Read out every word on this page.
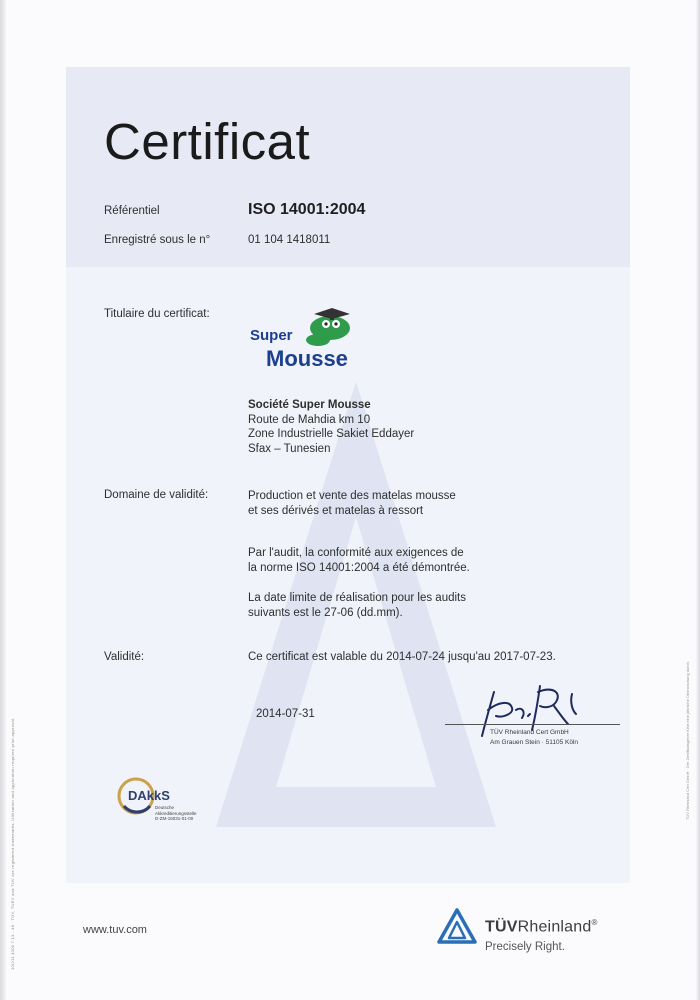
Certificat
Référentiel	ISO 14001:2004
Enregistré sous le n°	01 104 1418011
Titulaire du certificat:
Super
Mousse
Société Super Mousse
Route de Mahdia km 10
Zone Industrielle Sakiet Eddayer
Sfax – Tunesien
Domaine de validité:	Production et vente des matelas mousse
et ses dérivés et matelas à ressort
Par l'audit, la conformité aux exigences de
la norme ISO 14001:2004 a été démontrée.
La date limite de réalisation pour les audits
suivants est le 27-06 (dd.mm).
Validité:	Ce certificat est valable du 2014-07-24 jusqu'au 2017-07-23.
2014-07-31
TÜV Rheinland Cert GmbH
Am Grauen Stein · 51105 Köln
DAkkS
Deutsche
Akkreditierungsstelle
D-ZM-16031-01-00
10/211 4005 7.13 - 46 · TÜV, TUEV and TUV are registered trademarks. Utilisation and application requires prior approval.	TÜV Rheinland Cert GmbH · Der Zertifikatsgeber führt eine jährliche Überwachung durch.
www.tuv.com	TÜVRheinland®
Precisely Right.
